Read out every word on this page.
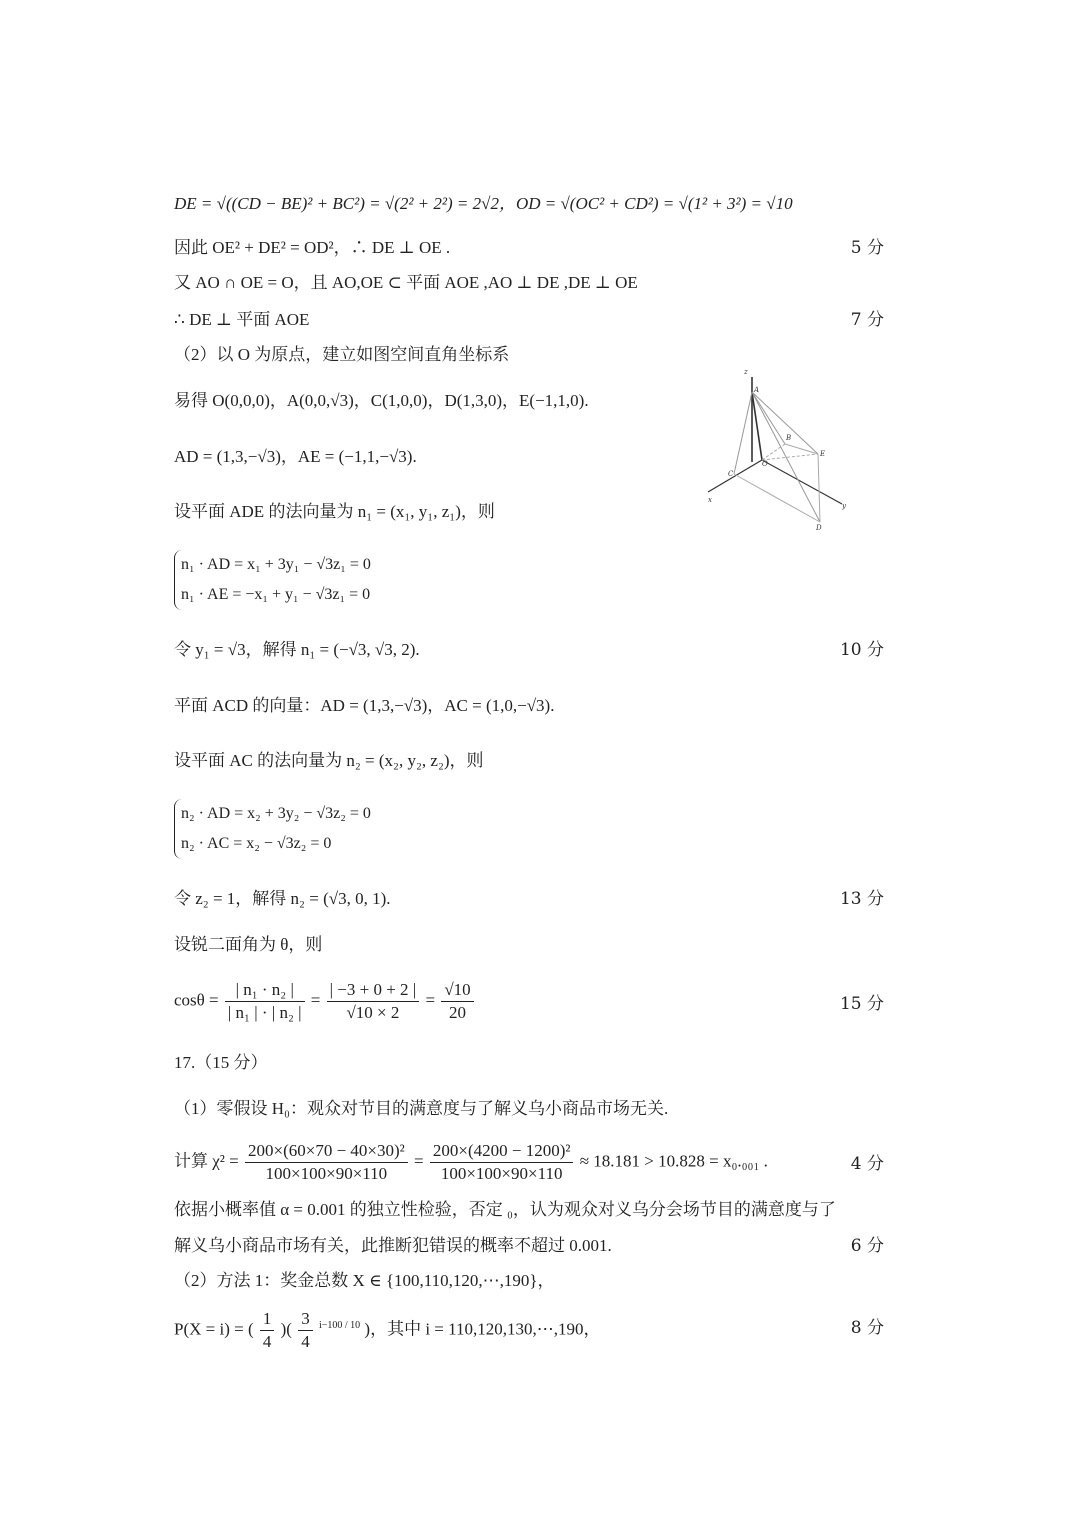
DE = √((CD − BE)² + BC²) = √(2² + 2²) = 2√2，OD = √(OC² + CD²) = √(1² + 3²) = √10
因此 OE² + DE² = OD²，∴ DE ⊥ OE .	5 分
又 AO ∩ OE = O，且 AO,OE ⊂ 平面 AOE ,AO ⊥ DE ,DE ⊥ OE
∴ DE ⊥ 平面 AOE	7 分
（2）以 O 为原点，建立如图空间直角坐标系
易得 O(0,0,0)，A(0,0,√3)，C(1,0,0)，D(1,3,0)，E(−1,1,0).
AD = (1,3,−√3)，AE = (−1,1,−√3).
设平面 ADE 的法向量为 n₁ = (x₁, y₁, z₁)，则
n₁ · AD = x₁ + 3y₁ − √3z₁ = 0
n₁ · AE = −x₁ + y₁ − √3z₁ = 0
令 y₁ = √3，解得 n₁ = (−√3, √3, 2).	10 分
平面 ACD 的向量：AD = (1,3,−√3)，AC = (1,0,−√3).
设平面 AC 的法向量为 n₂ = (x₂, y₂, z₂)，则
n₂ · AD = x₂ + 3y₂ − √3z₂ = 0
n₂ · AC = x₂ − √3z₂ = 0
令 z₂ = 1，解得 n₂ = (√3, 0, 1).	13 分
设锐二面角为 θ，则
$\cos\theta = \frac{\text{| n₁ · n₂ |}}{\text{| n₁ | · | n₂ |}} = \frac{| -3 + 0 + 2 |}{√10 \times 2} = \frac{√10}{20}$	15 分
17.（15 分）
（1）零假设 H₀：观众对节目的满意度与了解义乌小商品市场无关.
计算 $\chi^2 = \frac{\text{200×(60×70 − 40×30)²}}{100\times 100\times 90\times 110} = \frac{\text{200×(4200 − 1200)²}}{100\times 100\times 90\times 110} \approx 18.181 > 10.828 = x_0._{001}$ .	4 分
依据小概率值 α = 0.001 的独立性检验，否定 ₀，认为观众对义乌分会场节目的满意度与了
解义乌小商品市场有关，此推断犯错误的概率不超过 0.001.	6 分
（2）方法 1：奖金总数 X ∈ {100,110,120,⋯,190}，
P(X = i) = ( $\frac{1}{4}$ )( $\frac{3}{4} ^{i-100 / 10}$ )，其中 i = 110,120,130,⋯,190，	8 分
z
A
B
E
O
C
x
y
D
